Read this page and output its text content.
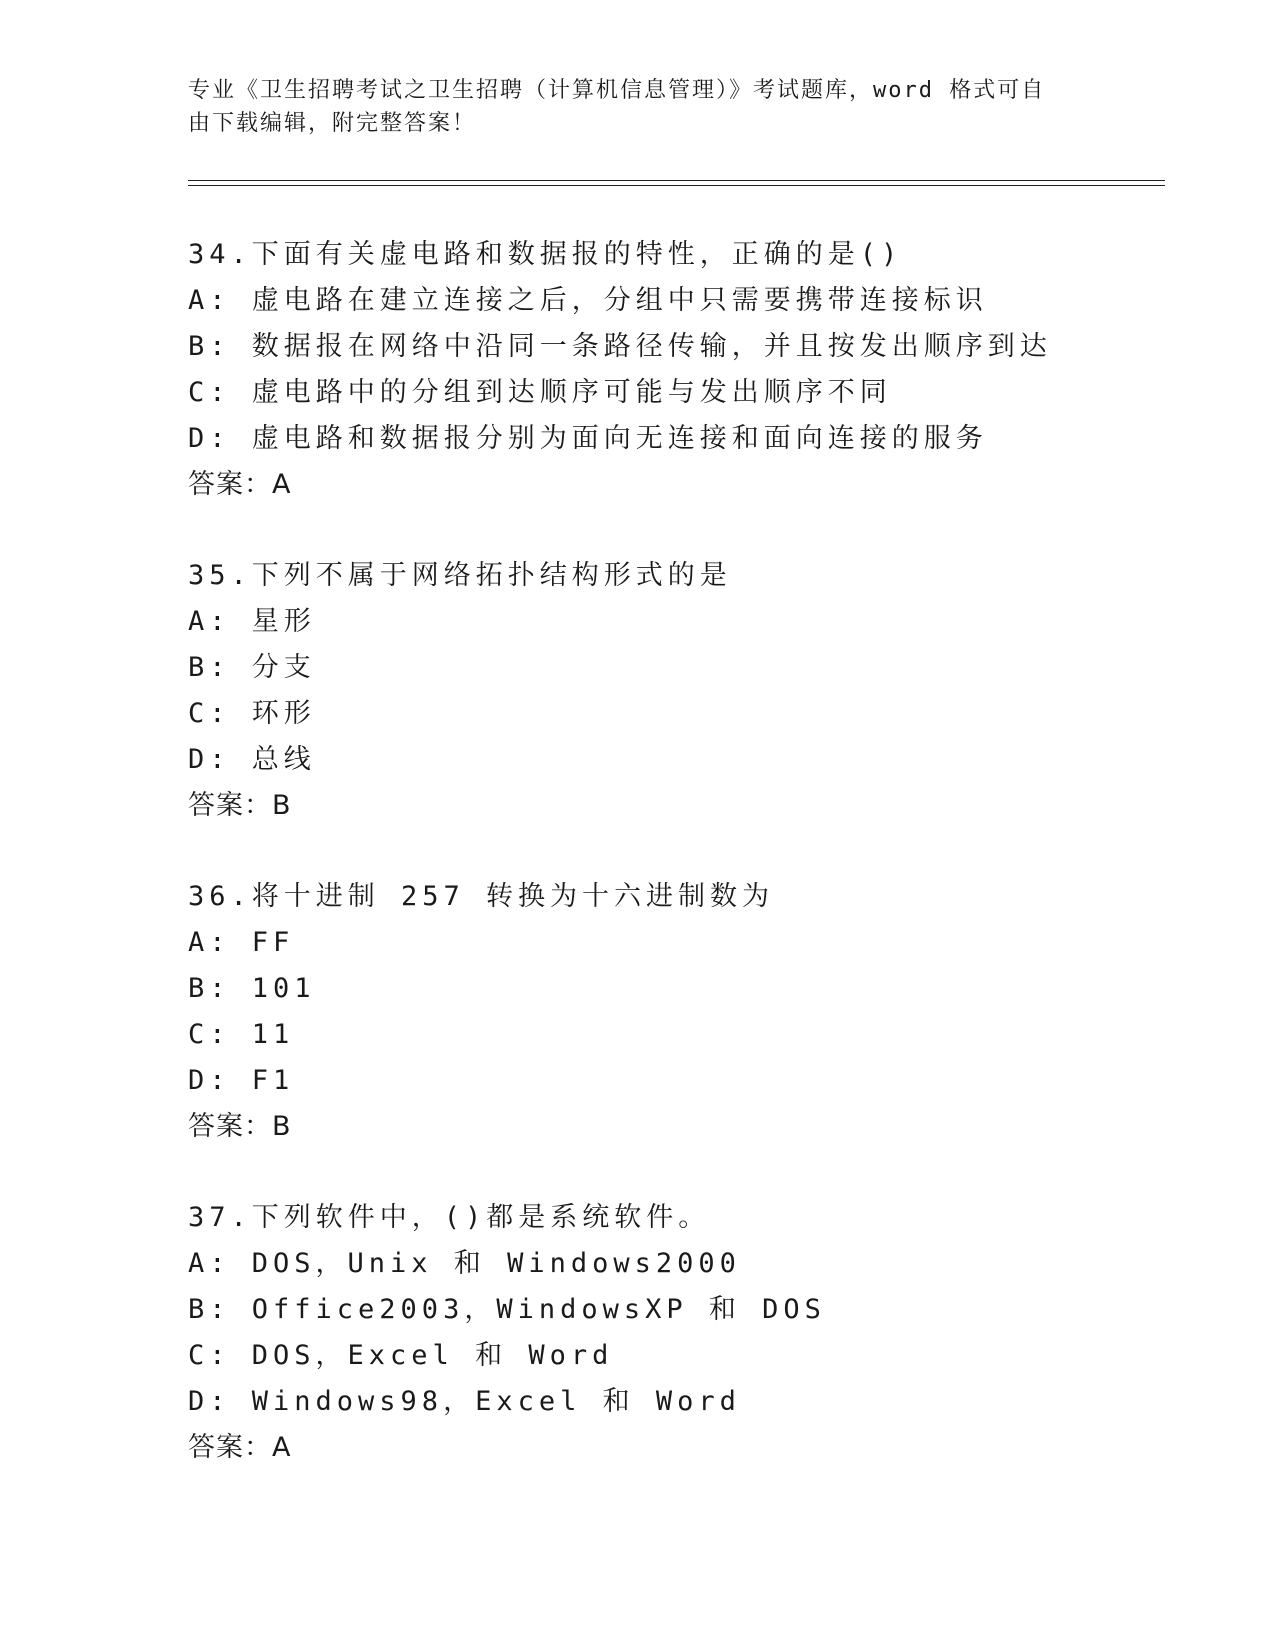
专业《卫生招聘考试之卫生招聘（计算机信息管理）》考试题库，word 格式可自
由下载编辑，附完整答案！
34.下面有关虚电路和数据报的特性，正确的是()
A: 虚电路在建立连接之后，分组中只需要携带连接标识
B: 数据报在网络中沿同一条路径传输，并且按发出顺序到达
C: 虚电路中的分组到达顺序可能与发出顺序不同
D: 虚电路和数据报分别为面向无连接和面向连接的服务
答案：A
35.下列不属于网络拓扑结构形式的是
A: 星形
B: 分支
C: 环形
D: 总线
答案：B
36.将十进制 257 转换为十六进制数为
A: FF
B: 101
C: 11
D: F1
答案：B
37.下列软件中，()都是系统软件。
A: DOS，Unix 和 Windows2000
B: Office2003，WindowsXP 和 DOS
C: DOS，Excel 和 Word
D: Windows98，Excel 和 Word
答案：A
